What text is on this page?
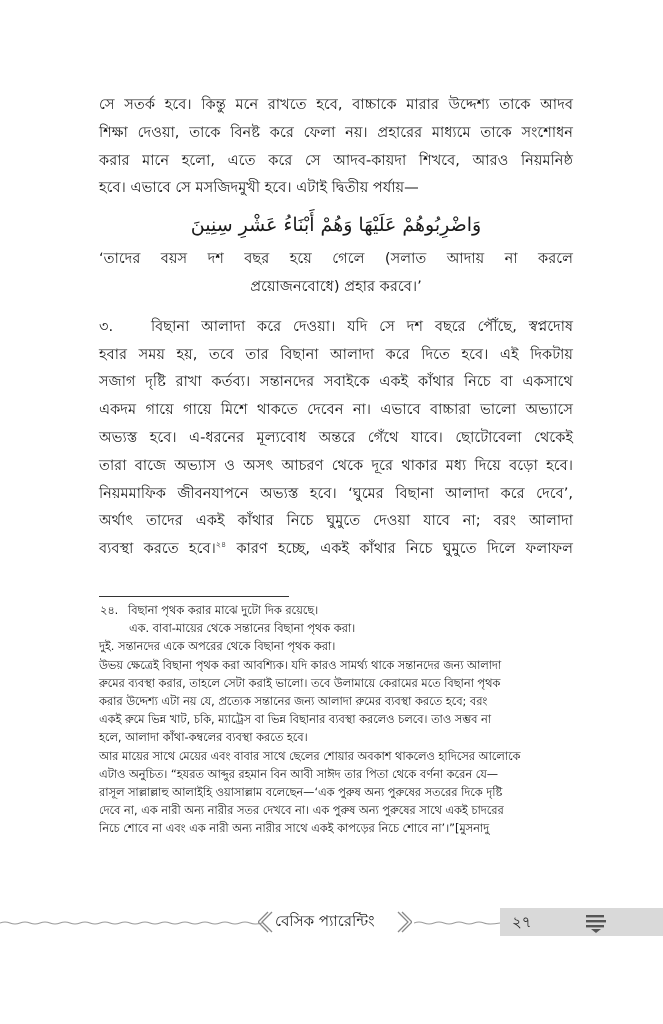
সে সতর্ক হবে। কিন্তু মনে রাখতে হবে, বাচ্চাকে মারার উদ্দেশ্য তাকে আদব

শিক্ষা দেওয়া, তাকে বিনষ্ট করে ফেলা নয়। প্রহারের মাধ্যমে তাকে সংশোধন

করার মানে হলো, এতে করে সে আদব-কায়দা শিখবে, আরও নিয়মনিষ্ঠ

হবে। এভাবে সে মসজিদমুখী হবে। এটাই দ্বিতীয় পর্যায়—

وَاضْرِبُوهُمْ عَلَيْهَا وَهُمْ أَبْنَاءُ عَشْرِ سِنِينَ
‘তাদের বয়স দশ বছর হয়ে গেলে (সলাত আদায় না করলে
প্রয়োজনবোধে) প্রহার করবে।’

৩.	বিছানা আলাদা করে দেওয়া। যদি সে দশ বছরে পৌঁছে, স্বপ্নদোষ

হবার সময় হয়, তবে তার বিছানা আলাদা করে দিতে হবে। এই দিকটায়

সজাগ দৃষ্টি রাখা কর্তব্য। সন্তানদের সবাইকে একই কাঁথার নিচে বা একসাথে

একদম গায়ে গায়ে মিশে থাকতে দেবেন না। এভাবে বাচ্চারা ভালো অভ্যাসে

অভ্যস্ত হবে। এ-ধরনের মূল্যবোধ অন্তরে গেঁথে যাবে। ছোটোবেলা থেকেই

তারা বাজে অভ্যাস ও অসৎ আচরণ থেকে দূরে থাকার মধ্য দিয়ে বড়ো হবে।

নিয়মমাফিক জীবনযাপনে অভ্যস্ত হবে। ‘ঘুমের বিছানা আলাদা করে দেবে’,

অর্থাৎ তাদের একই কাঁথার নিচে ঘুমুতে দেওয়া যাবে না; বরং আলাদা

ব্যবস্থা করতে হবে।$^{২৪}$ কারণ হচ্ছে, একই কাঁথার নিচে ঘুমুতে দিলে ফলাফল

২৪. বিছানা পৃথক করার মাঝে দুটো দিক রয়েছে।

এক. বাবা-মায়ের থেকে সন্তানের বিছানা পৃথক করা।

দুই. সন্তানদের একে অপরের থেকে বিছানা পৃথক করা।

উভয় ক্ষেত্রেই বিছানা পৃথক করা আবশ্যিক। যদি কারও সামর্থ্য থাকে সন্তানদের জন্য আলাদা

রুমের ব্যবস্থা করার, তাহলে সেটা করাই ভালো। তবে উলামায়ে কেরামের মতে বিছানা পৃথক

করার উদ্দেশ্য এটা নয় যে, প্রত্যেক সন্তানের জন্য আলাদা রুমের ব্যবস্থা করতে হবে; বরং

একই রুমে ভিন্ন খাট, চকি, ম্যাট্রেস বা ভিন্ন বিছানার ব্যবস্থা করলেও চলবে। তাও সম্ভব না

হলে, আলাদা কাঁথা-কম্বলের ব্যবস্থা করতে হবে।

আর মায়ের সাথে মেয়ের এবং বাবার সাথে ছেলের শোয়ার অবকাশ থাকলেও হাদিসের আলোকে

এটাও অনুচিত। “হযরত আব্দুর রহমান বিন আবী সাঈদ তার পিতা থেকে বর্ণনা করেন যে—

রাসূল সাল্লাল্লাহু আলাইহি ওয়াসাল্লাম বলেছেন—‘এক পুরুষ অন্য পুরুষের সতরের দিকে দৃষ্টি

দেবে না, এক নারী অন্য নারীর সতর দেখবে না। এক পুরুষ অন্য পুরুষের সাথে একই চাদরের

নিচে শোবে না এবং এক নারী অন্য নারীর সাথে একই কাপড়ের নিচে শোবে না’।”[মুসনাদু

বেসিক প্যারেন্টিং	২৭
